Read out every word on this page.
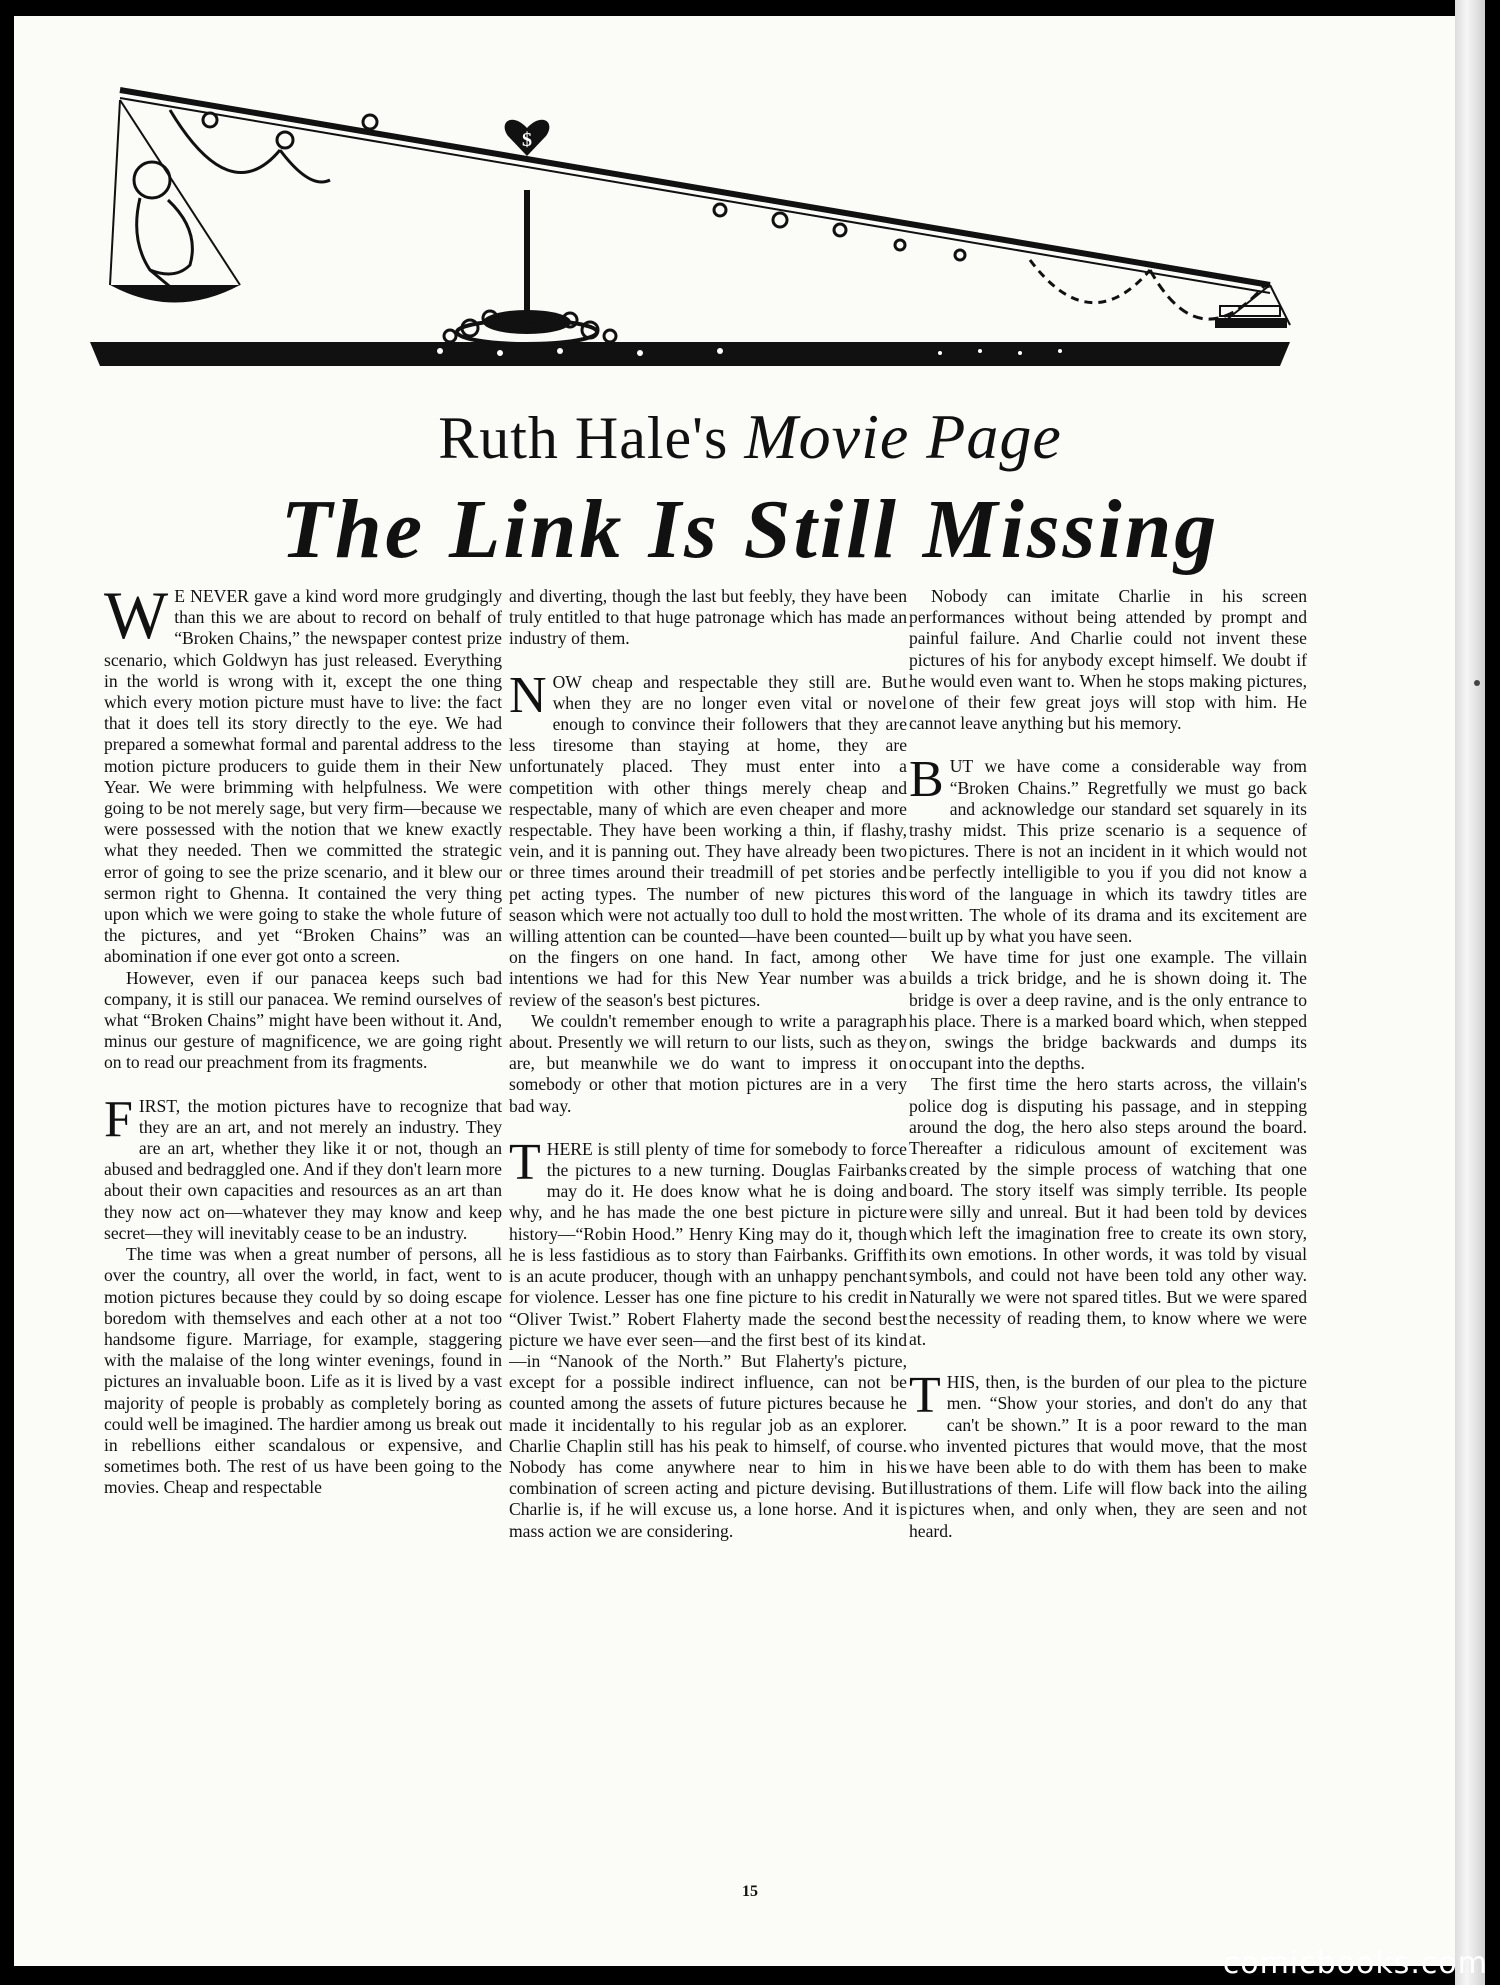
$
Ruth Hale's Movie Page
The Link Is Still Missing

W E NEVER gave a kind word more grudgingly than this we are about to record on behalf of “Broken Chains,” the newspaper contest prize scenario, which Goldwyn has just released. Everything in the world is wrong with it, except the one thing which every motion picture must have to live: the fact that it does tell its story directly to the eye. We had prepared a somewhat formal and parental address to the motion picture producers to guide them in their New Year. We were brimming with helpfulness. We were going to be not merely sage, but very firm—because we were possessed with the notion that we knew exactly what they needed. Then we committed the strategic error of going to see the prize scenario, and it blew our sermon right to Ghenna. It contained the very thing upon which we were going to stake the whole future of the pictures, and yet “Broken Chains” was an abomination if one ever got onto a screen.

However, even if our panacea keeps such bad company, it is still our panacea. We remind ourselves of what “Broken Chains” might have been without it. And, minus our gesture of magnificence, we are going right on to read our preachment from its fragments.

FIRST, the motion pictures have to recognize that they are an art, and not merely an industry. They are an art, whether they like it or not, though an abused and bedraggled one. And if they don't learn more about their own capacities and resources as an art than they now act on—whatever they may know and keep secret—they will inevitably cease to be an industry.

The time was when a great number of persons, all over the country, all over the world, in fact, went to motion pictures because they could by so doing escape boredom with themselves and each other at a not too handsome figure. Marriage, for example, staggering with the malaise of the long winter evenings, found in pictures an invaluable boon. Life as it is lived by a vast majority of people is probably as completely boring as could well be imagined. The hardier among us break out in rebellions either scandalous or expensive, and sometimes both. The rest of us have been going to the movies. Cheap and respectable

and diverting, though the last but feebly, they have been truly entitled to that huge patronage which has made an industry of them.

NOW cheap and respectable they still are. But when they are no longer even vital or novel enough to convince their followers that they are less tiresome than staying at home, they are unfortunately placed. They must enter into a competition with other things merely cheap and respectable, many of which are even cheaper and more respectable. They have been working a thin, if flashy, vein, and it is panning out. They have already been two or three times around their treadmill of pet stories and pet acting types. The number of new pictures this season which were not actually too dull to hold the most willing attention can be counted—have been counted—on the fingers on one hand. In fact, among other intentions we had for this New Year number was a review of the season's best pictures.

We couldn't remember enough to write a paragraph about. Presently we will return to our lists, such as they are, but meanwhile we do want to impress it on somebody or other that motion pictures are in a very bad way.

THERE is still plenty of time for somebody to force the pictures to a new turning. Douglas Fairbanks may do it. He does know what he is doing and why, and he has made the one best picture in picture history—“Robin Hood.” Henry King may do it, though he is less fastidious as to story than Fairbanks. Griffith is an acute producer, though with an unhappy penchant for violence. Lesser has one fine picture to his credit in “Oliver Twist.” Robert Flaherty made the second best picture we have ever seen—and the first best of its kind—in “Nanook of the North.” But Flaherty's picture, except for a possible indirect influence, can not be counted among the assets of future pictures because he made it incidentally to his regular job as an explorer. Charlie Chaplin still has his peak to himself, of course. Nobody has come anywhere near to him in his combination of screen acting and picture devising. But Charlie is, if he will excuse us, a lone horse. And it is mass action we are considering.

Nobody can imitate Charlie in his screen performances without being attended by prompt and painful failure. And Charlie could not invent these pictures of his for anybody except himself. We doubt if he would even want to. When he stops making pictures, one of their few great joys will stop with him. He cannot leave anything but his memory.

BUT we have come a considerable way from “Broken Chains.” Regretfully we must go back and acknowledge our standard set squarely in its trashy midst. This prize scenario is a sequence of pictures. There is not an incident in it which would not be perfectly intelligible to you if you did not know a word of the language in which its tawdry titles are written. The whole of its drama and its excitement are built up by what you have seen.

We have time for just one example. The villain builds a trick bridge, and he is shown doing it. The bridge is over a deep ravine, and is the only entrance to his place. There is a marked board which, when stepped on, swings the bridge backwards and dumps its occupant into the depths.

The first time the hero starts across, the villain's police dog is disputing his passage, and in stepping around the dog, the hero also steps around the board. Thereafter a ridiculous amount of excitement was created by the simple process of watching that one board. The story itself was simply terrible. Its people were silly and unreal. But it had been told by devices which left the imagination free to create its own story, its own emotions. In other words, it was told by visual symbols, and could not have been told any other way. Naturally we were not spared titles. But we were spared the necessity of reading them, to know where we were at.

THIS, then, is the burden of our plea to the picture men. “Show your stories, and don't do any that can't be shown.” It is a poor reward to the man who invented pictures that would move, that the most we have been able to do with them has been to make illustrations of them. Life will flow back into the ailing pictures when, and only when, they are seen and not heard.

15
comicbooks.com
